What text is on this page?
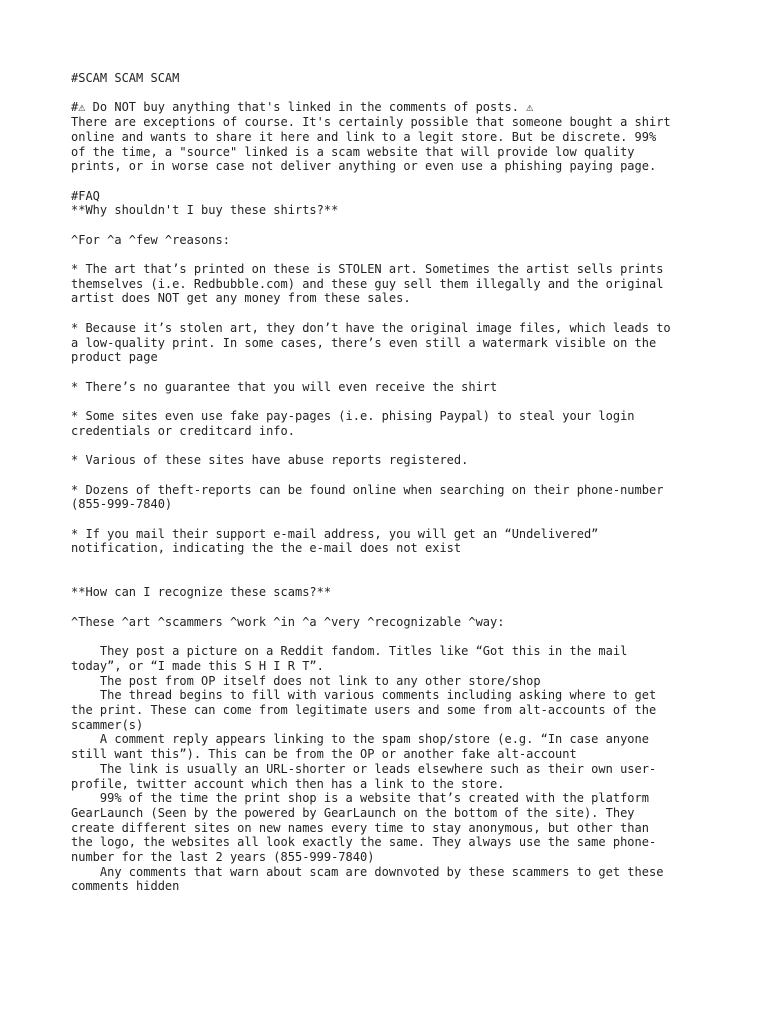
#SCAM SCAM SCAM

#⚠ Do NOT buy anything that's linked in the comments of posts. ⚠
There are exceptions of course. It's certainly possible that someone bought a shirt
online and wants to share it here and link to a legit store. But be discrete. 99%
of the time, a "source" linked is a scam website that will provide low quality
prints, or in worse case not deliver anything or even use a phishing paying page.

#FAQ
**Why shouldn't I buy these shirts?**

^For ^a ^few ^reasons:

* The art that’s printed on these is STOLEN art. Sometimes the artist sells prints
themselves (i.e. Redbubble.com) and these guy sell them illegally and the original
artist does NOT get any money from these sales.

* Because it’s stolen art, they don’t have the original image files, which leads to
a low-quality print. In some cases, there’s even still a watermark visible on the
product page

* There’s no guarantee that you will even receive the shirt

* Some sites even use fake pay-pages (i.e. phising Paypal) to steal your login
credentials or creditcard info.

* Various of these sites have abuse reports registered.

* Dozens of theft-reports can be found online when searching on their phone-number
(855-999-7840)

* If you mail their support e-mail address, you will get an “Undelivered”
notification, indicating the the e-mail does not exist

**How can I recognize these scams?**

^These ^art ^scammers ^work ^in ^a ^very ^recognizable ^way:

They post a picture on a Reddit fandom. Titles like “Got this in the mail
today”, or “I made this S H I R T”.
The post from OP itself does not link to any other store/shop
The thread begins to fill with various comments including asking where to get
the print. These can come from legitimate users and some from alt-accounts of the
scammer(s)
A comment reply appears linking to the spam shop/store (e.g. “In case anyone
still want this”). This can be from the OP or another fake alt-account
The link is usually an URL-shorter or leads elsewhere such as their own user-
profile, twitter account which then has a link to the store.
99% of the time the print shop is a website that’s created with the platform
GearLaunch (Seen by the powered by GearLaunch on the bottom of the site). They
create different sites on new names every time to stay anonymous, but other than
the logo, the websites all look exactly the same. They always use the same phone-
number for the last 2 years (855-999-7840)
Any comments that warn about scam are downvoted by these scammers to get these
comments hidden
